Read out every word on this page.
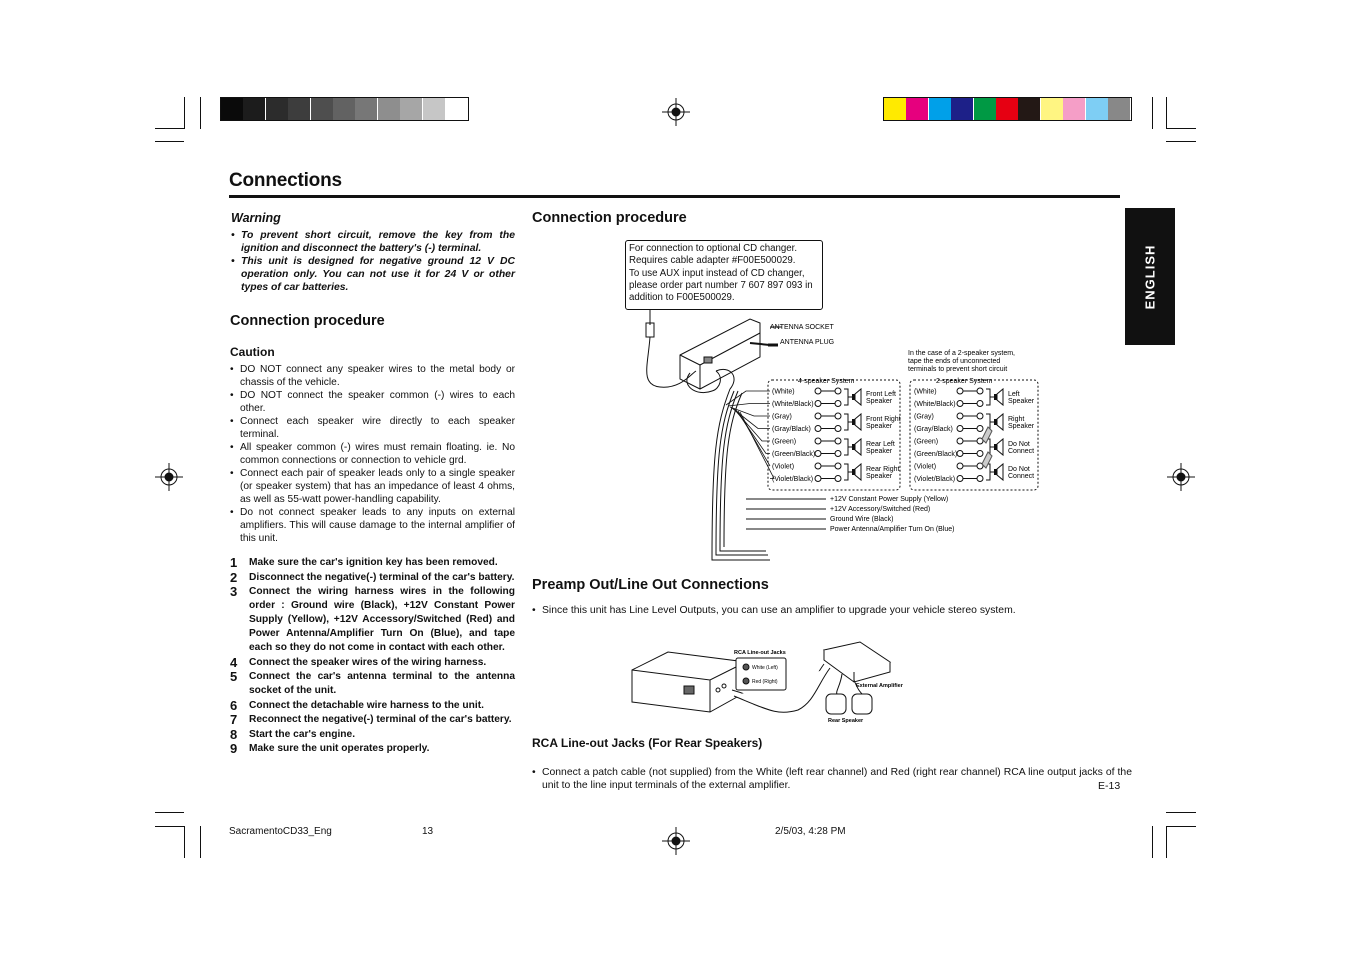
Connections
ENGLISH
Warning
• To prevent short circuit, remove the key from the ignition and disconnect the battery's (-) terminal.
• This unit is designed for negative ground 12 V DC operation only. You can not use it for 24 V or other types of car batteries.
Connection procedure
Caution
• DO NOT connect any speaker wires to the metal body or chassis of the vehicle.
• DO NOT connect the speaker common (-) wires to each other.
• Connect each speaker wire directly to each speaker terminal.
• All speaker common (-) wires must remain floating. ie. No common connections or connection to vehicle grd.
• Connect each pair of speaker leads only to a single speaker (or speaker system) that has an impedance of least 4 ohms, as well as 55-watt power-handling capability.
• Do not connect speaker leads to any inputs on external amplifiers. This will cause damage to the internal amplifier of this unit.
1	Make sure the car's ignition key has been removed.
2	Disconnect the negative(-) terminal of the car's battery.
3	Connect the wiring harness wires in the following order : Ground wire (Black), +12V Constant Power Supply (Yellow), +12V Accessory/Switched (Red) and Power Antenna/Amplifier Turn On (Blue), and tape each so they do not come in contact with each other.
4	Connect the speaker wires of the wiring harness.
5	Connect the car's antenna terminal to the antenna socket of the unit.
6	Connect the detachable wire harness to the unit.
7	Reconnect the negative(-) terminal of the car's battery.
8	Start the car's engine.
9	Make sure the unit operates properly.
Connection procedure
For connection to optional CD changer.
Requires cable adapter #F00E500029.
To use AUX input instead of CD changer,
please order part number 7 607 897 093 in
addition to F00E500029.
ANTENNA SOCKET
ANTENNA PLUG
In the case of a 2-speaker system,
tape the ends of unconnected
terminals to prevent short circuit
4-speaker System	2-speaker System
(White)	(White)
(White/Black)	(White/Black)
(Gray)	(Gray)
(Gray/Black)	(Gray/Black)
(Green)	(Green)
(Green/Black)	(Green/Black)
(Violet)	(Violet)
(Violet/Black)	(Violet/Black)
Front Left
Speaker
Left
Speaker
Front Right
Speaker
Right
Speaker
Rear Left
Speaker
Do Not
Connect
Rear Right
Speaker
Do Not
Connect
+12V Constant Power Supply (Yellow)
+12V Accessory/Switched (Red)
Ground Wire (Black)
Power Antenna/Amplifier Turn On (Blue)
Preamp Out/Line Out Connections
• Since this unit has Line Level Outputs, you can use an amplifier to upgrade your vehicle stereo system.
RCA Line-out Jacks
White (Left)
Red (Right)
External Amplifier
Rear Speaker
RCA Line-out Jacks (For Rear Speakers)
• Connect a patch cable (not supplied) from the White (left rear channel) and Red (right rear channel) RCA line output jacks of the unit to the line input terminals of the external amplifier.	E-13
SacramentoCD33_Eng	13	2/5/03, 4:28 PM
